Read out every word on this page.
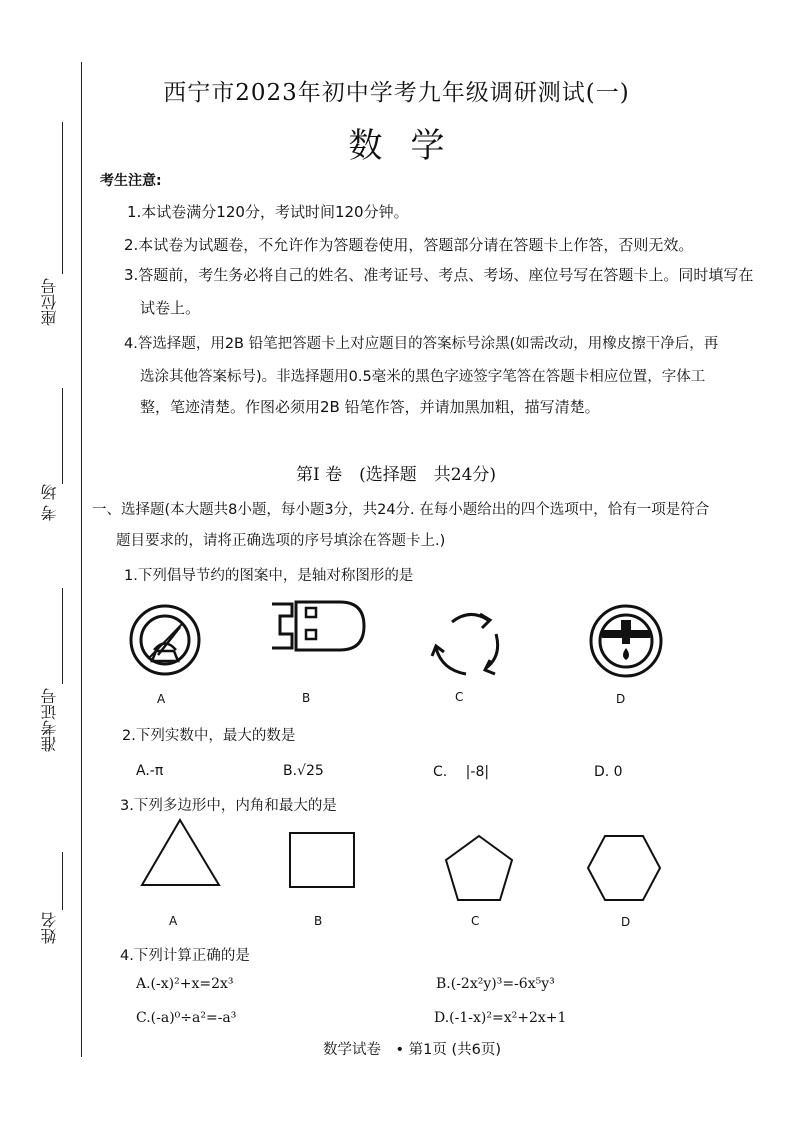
座位号
考 场
准考证号
姓名
西宁市2023年初中学考九年级调研测试(一)
数学
考生注意:
1.本试卷满分120分，考试时间120分钟。
2.本试卷为试题卷，不允许作为答题卷使用，答题部分请在答题卡上作答，否则无效。
3.答题前，考生务必将自己的姓名、准考证号、考点、考场、座位号写在答题卡上。同时填写在
试卷上。
4.答选择题，用2B 铅笔把答题卡上对应题目的答案标号涂黑(如需改动，用橡皮擦干净后，再
选涂其他答案标号)。非选择题用0.5毫米的黑色字迹签字笔答在答题卡相应位置，字体工
整，笔迹清楚。作图必须用2B 铅笔作答，并请加黑加粗，描写清楚。
第I 卷　(选择题　共24分)
一、选择题(本大题共8小题，每小题3分，共24分. 在每小题给出的四个选项中，恰有一项是符合
题目要求的，请将正确选项的序号填涂在答题卡上.)
1.下列倡导节约的图案中，是轴对称图形的是
A	B	C	D
2.下列实数中，最大的数是
A.-π	B.√25	C.　 |-8|	D. 0
3.下列多边形中，内角和最大的是
A	B	C	D
4.下列计算正确的是
A.(-x)²+x=2x³	B.(-2x²y)³=-6x⁵y³
C.(-a)⁰÷a²=-a³	D.(-1-x)²=x²+2x+1
数学试卷　• 第1页 (共6页)
